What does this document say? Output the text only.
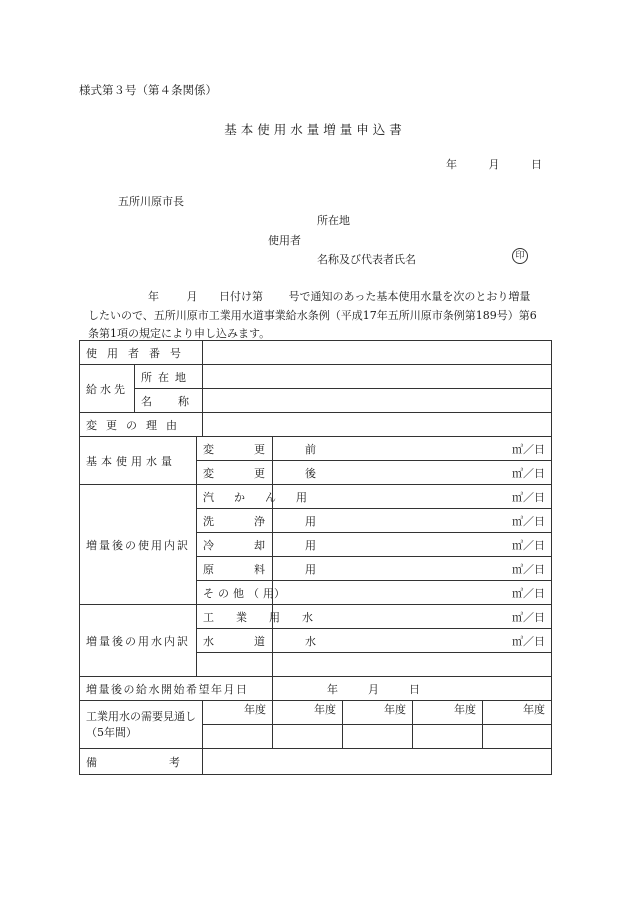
様式第３号（第４条関係）
基本使用水量増量申込書
年	月	日
五所川原市長
所在地
使用者
名称及び代表者氏名	印
年	月 日付け第 号で通知のあった基本使用水量を次のとおり増量
したいので、五所川原市工業用水道事業給水条例（平成17年五所川原市条例第189号）第6
条第1項の規定により申し込みます。
使用者番号							

給水先	所在地						
	名称						
変更の理由							
基本使用水量		変更前		㎥／日			
		変更後		㎥／日			
増量後の使用内訳		汽かん用		㎥／日			
		洗浄用		㎥／日			
		冷却用		㎥／日			
		原料用		㎥／日			

		その他（ 用）		㎥／日			
増量後の用水内訳		工業用水		㎥／日			
		水道水		㎥／日			

増量後の給水開始希望年月日				年 月 日			
工業用水の需要見通し（5年間）			年度	年度	年度	年度	年度

備考							
